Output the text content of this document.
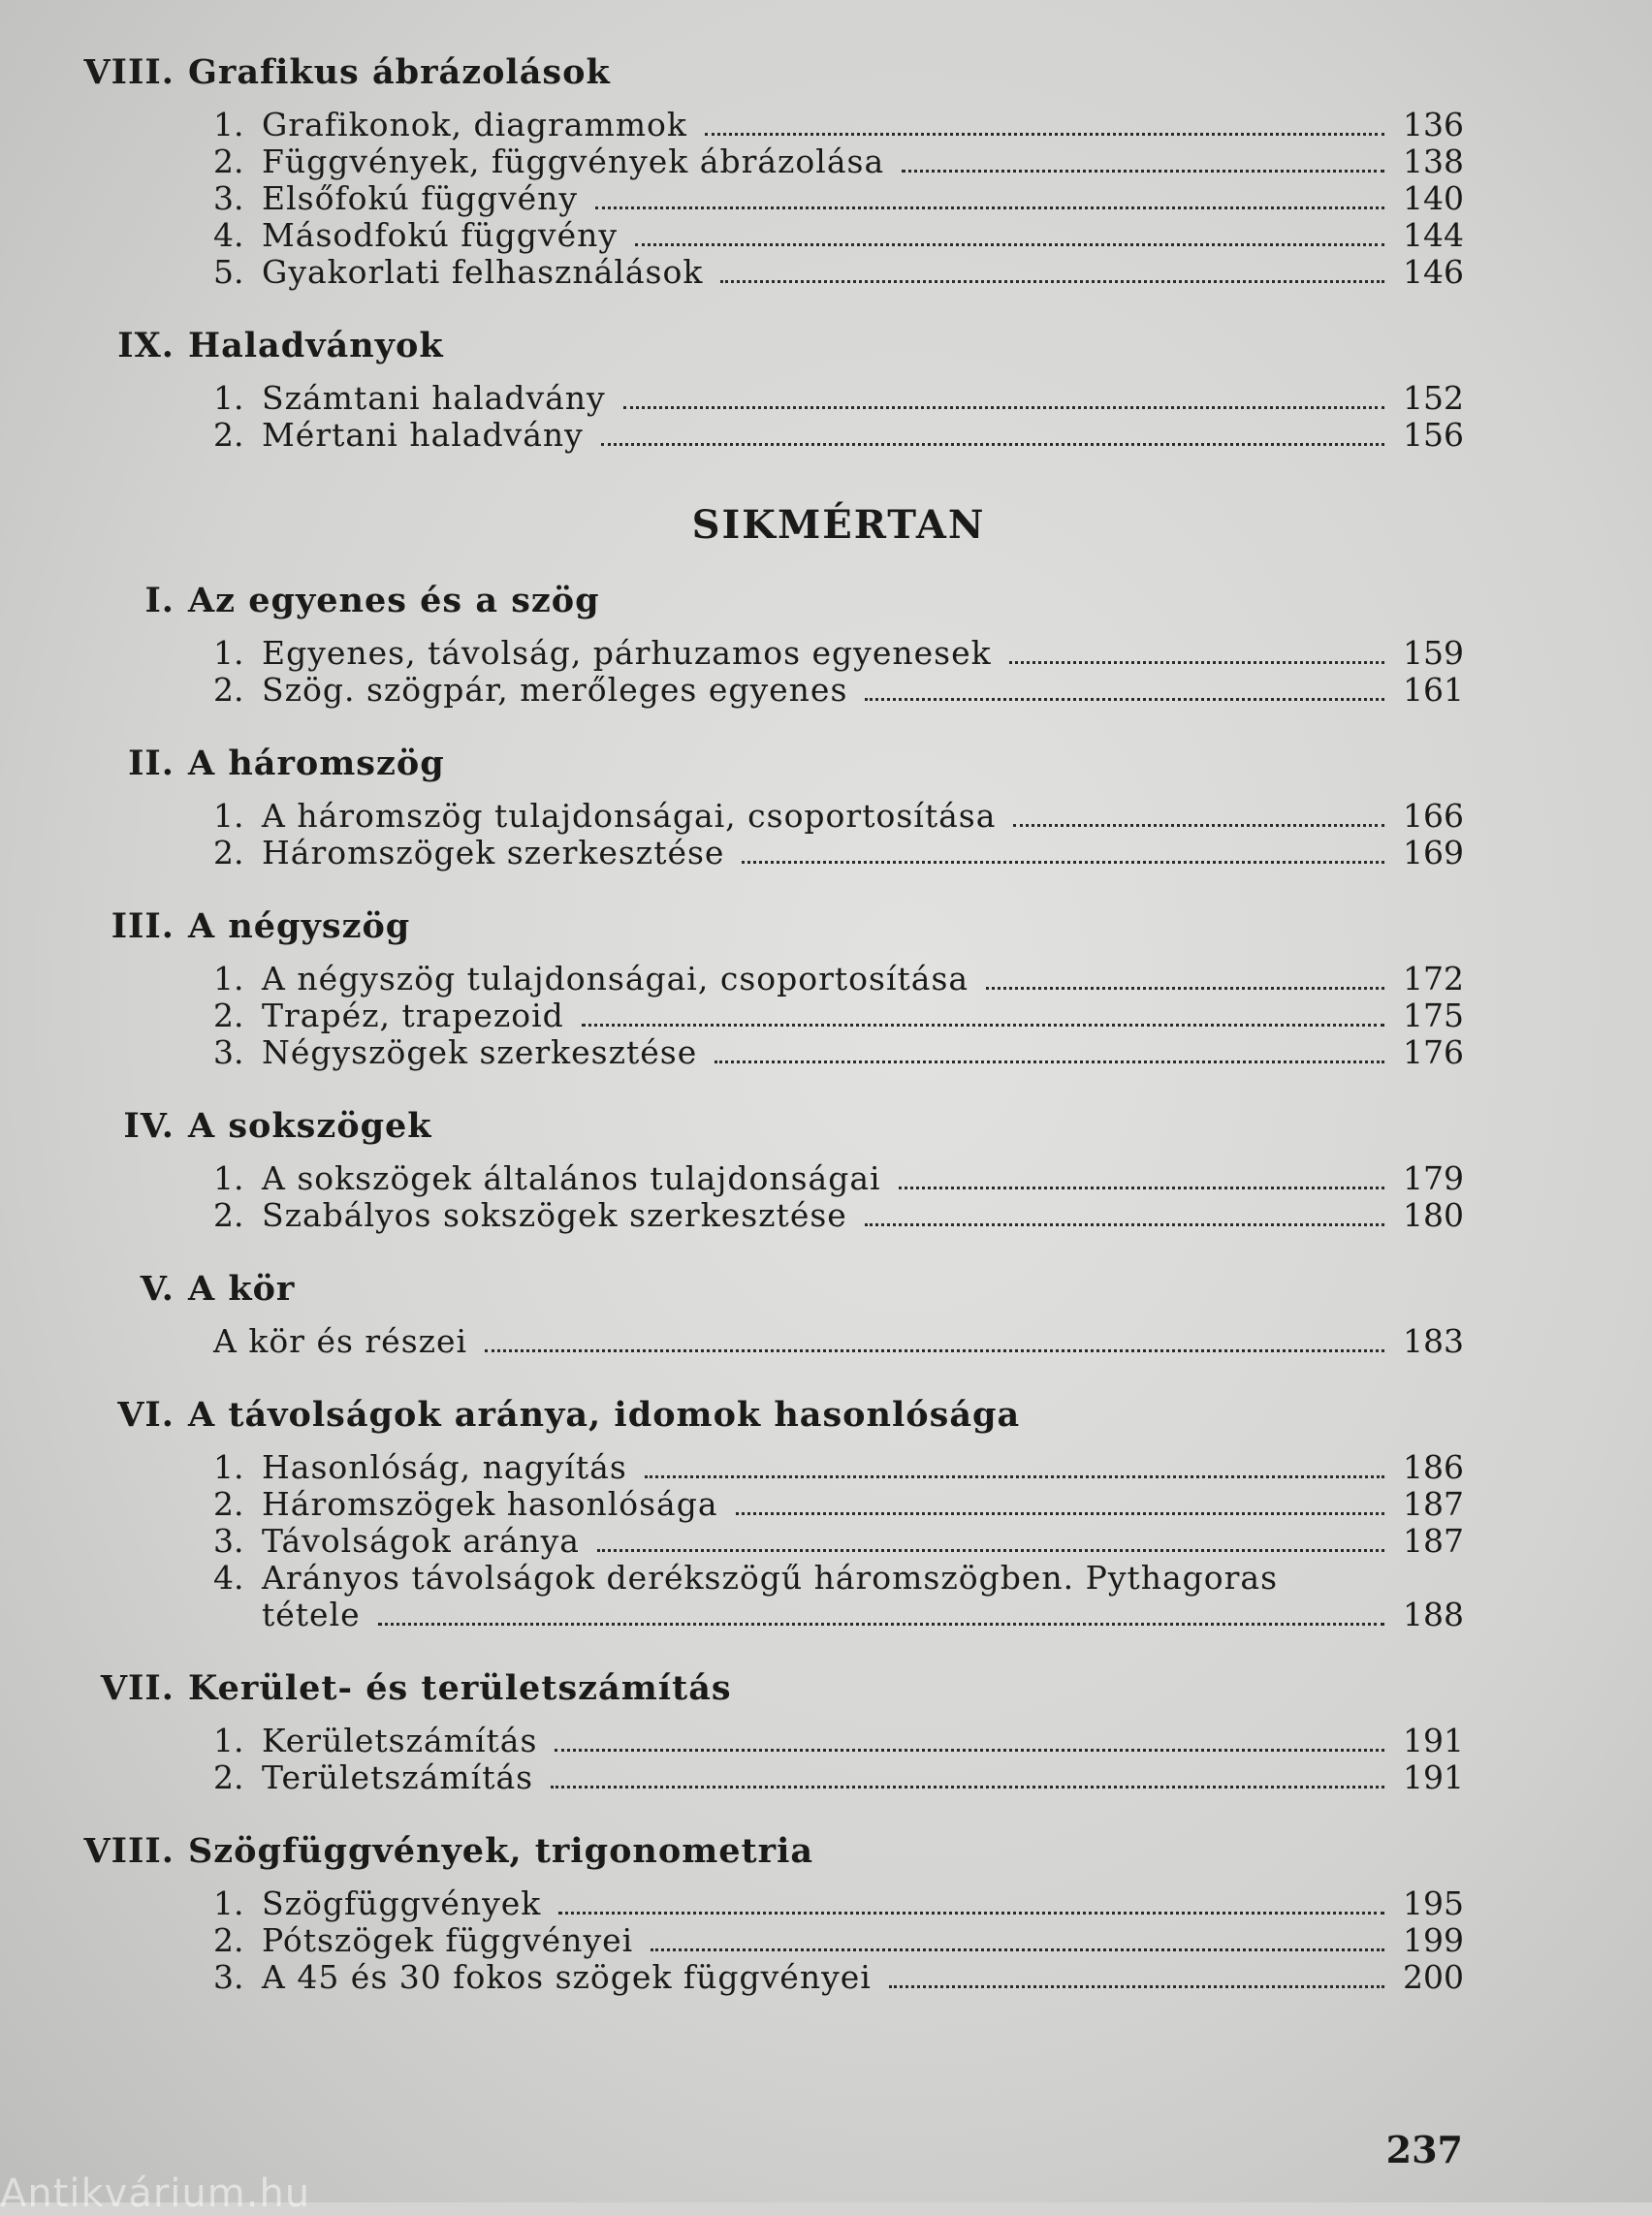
VIII. Grafikus ábrázolások
1. Grafikonok, diagrammok	136
2. Függvények, függvények ábrázolása	138
3. Elsőfokú függvény	140
4. Másodfokú függvény	144
5. Gyakorlati felhasználások	146
IX. Haladványok
1. Számtani haladvány	152
2. Mértani haladvány	156
SIKMÉRTAN
I. Az egyenes és a szög
1. Egyenes, távolság, párhuzamos egyenesek	159
2. Szög. szögpár, merőleges egyenes	161
II. A háromszög
1. A háromszög tulajdonságai, csoportosítása	166
2. Háromszögek szerkesztése	169
III. A négyszög
1. A négyszög tulajdonságai, csoportosítása	172
2. Trapéz, trapezoid	175
3. Négyszögek szerkesztése	176
IV. A sokszögek
1. A sokszögek általános tulajdonságai	179
2. Szabályos sokszögek szerkesztése	180
V. A kör
A kör és részei	183
VI. A távolságok aránya, idomok hasonlósága
1. Hasonlóság, nagyítás	186
2. Háromszögek hasonlósága	187
3. Távolságok aránya	187
4. Arányos távolságok derékszögű háromszögben. Pythagoras
tétele	188
VII. Kerület- és területszámítás
1. Kerületszámítás	191
2. Területszámítás	191
VIII. Szögfüggvények, trigonometria
1. Szögfüggvények	195
2. Pótszögek függvényei	199
3. A 45 és 30 fokos szögek függvényei	200
237
Antikvárium.hu
